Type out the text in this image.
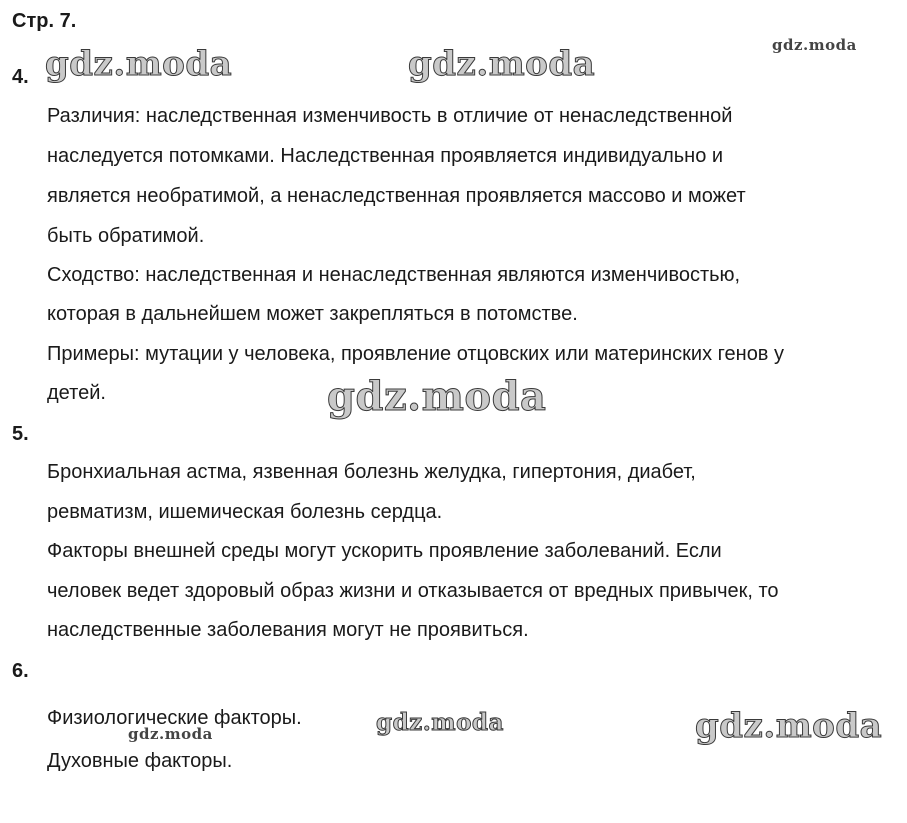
Стр. 7.
gdz.moda	gdz.moda	gdz.moda
gdz.moda
gdz.moda
gdz.moda	gdz.moda
4.
Различия: наследственная изменчивость в отличие от ненаследственной
наследуется потомками. Наследственная проявляется индивидуально и
является необратимой, а ненаследственная проявляется массово и может
быть обратимой.
Сходство: наследственная и ненаследственная являются изменчивостью,
которая в дальнейшем может закрепляться в потомстве.
Примеры: мутации у человека, проявление отцовских или материнских генов у
детей.
5.
Бронхиальная астма, язвенная болезнь желудка, гипертония, диабет,
ревматизм, ишемическая болезнь сердца.
Факторы внешней среды могут ускорить проявление заболеваний. Если
человек ведет здоровый образ жизни и отказывается от вредных привычек, то
наследственные заболевания могут не проявиться.
6.
Физиологические факторы.
Духовные факторы.
